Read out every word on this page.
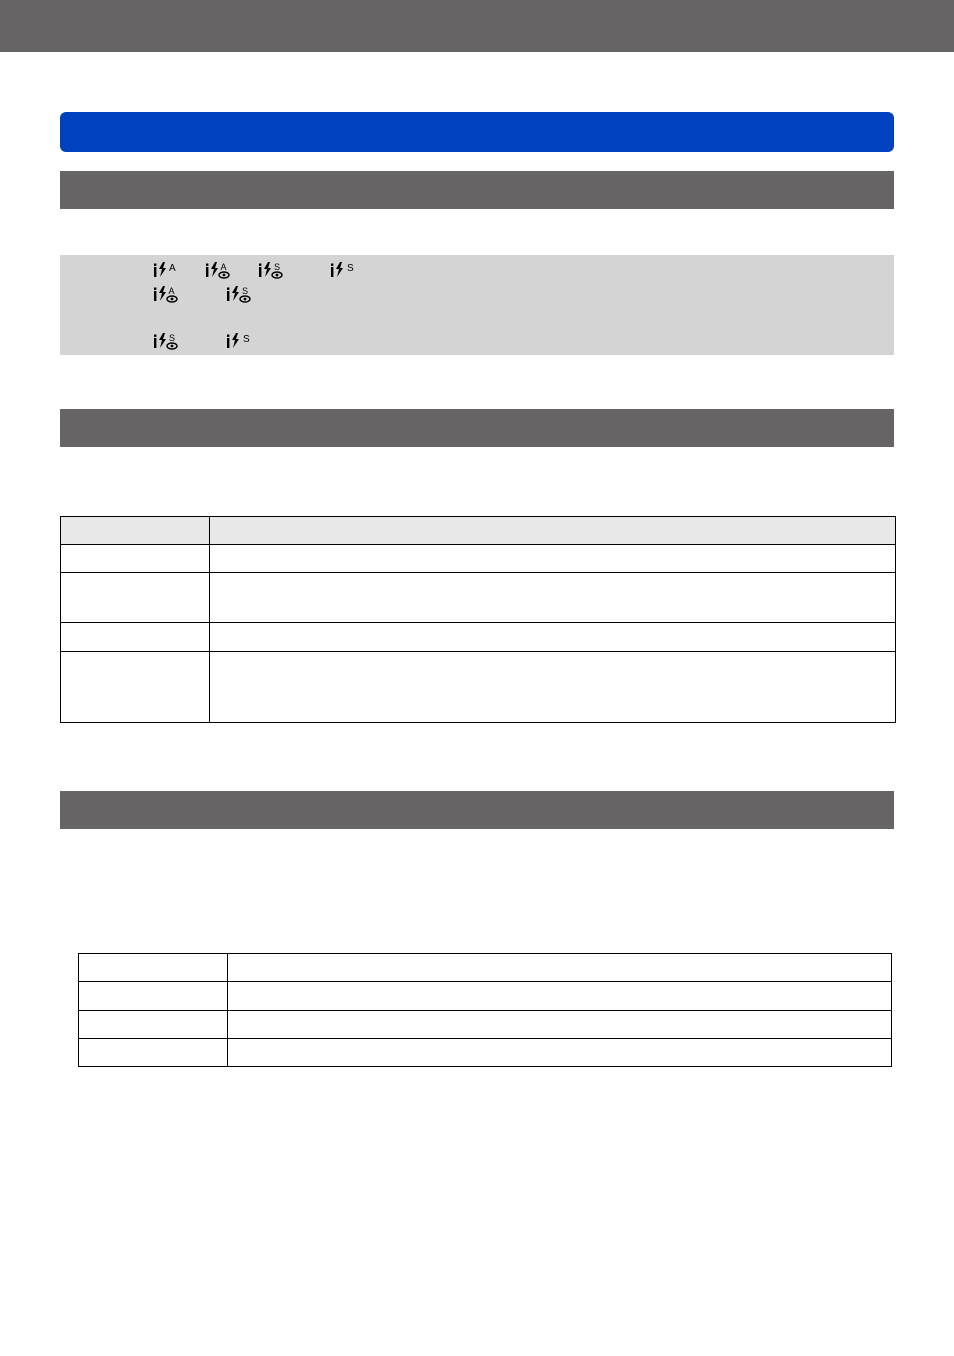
A	A	S	S
A	S
S	S
